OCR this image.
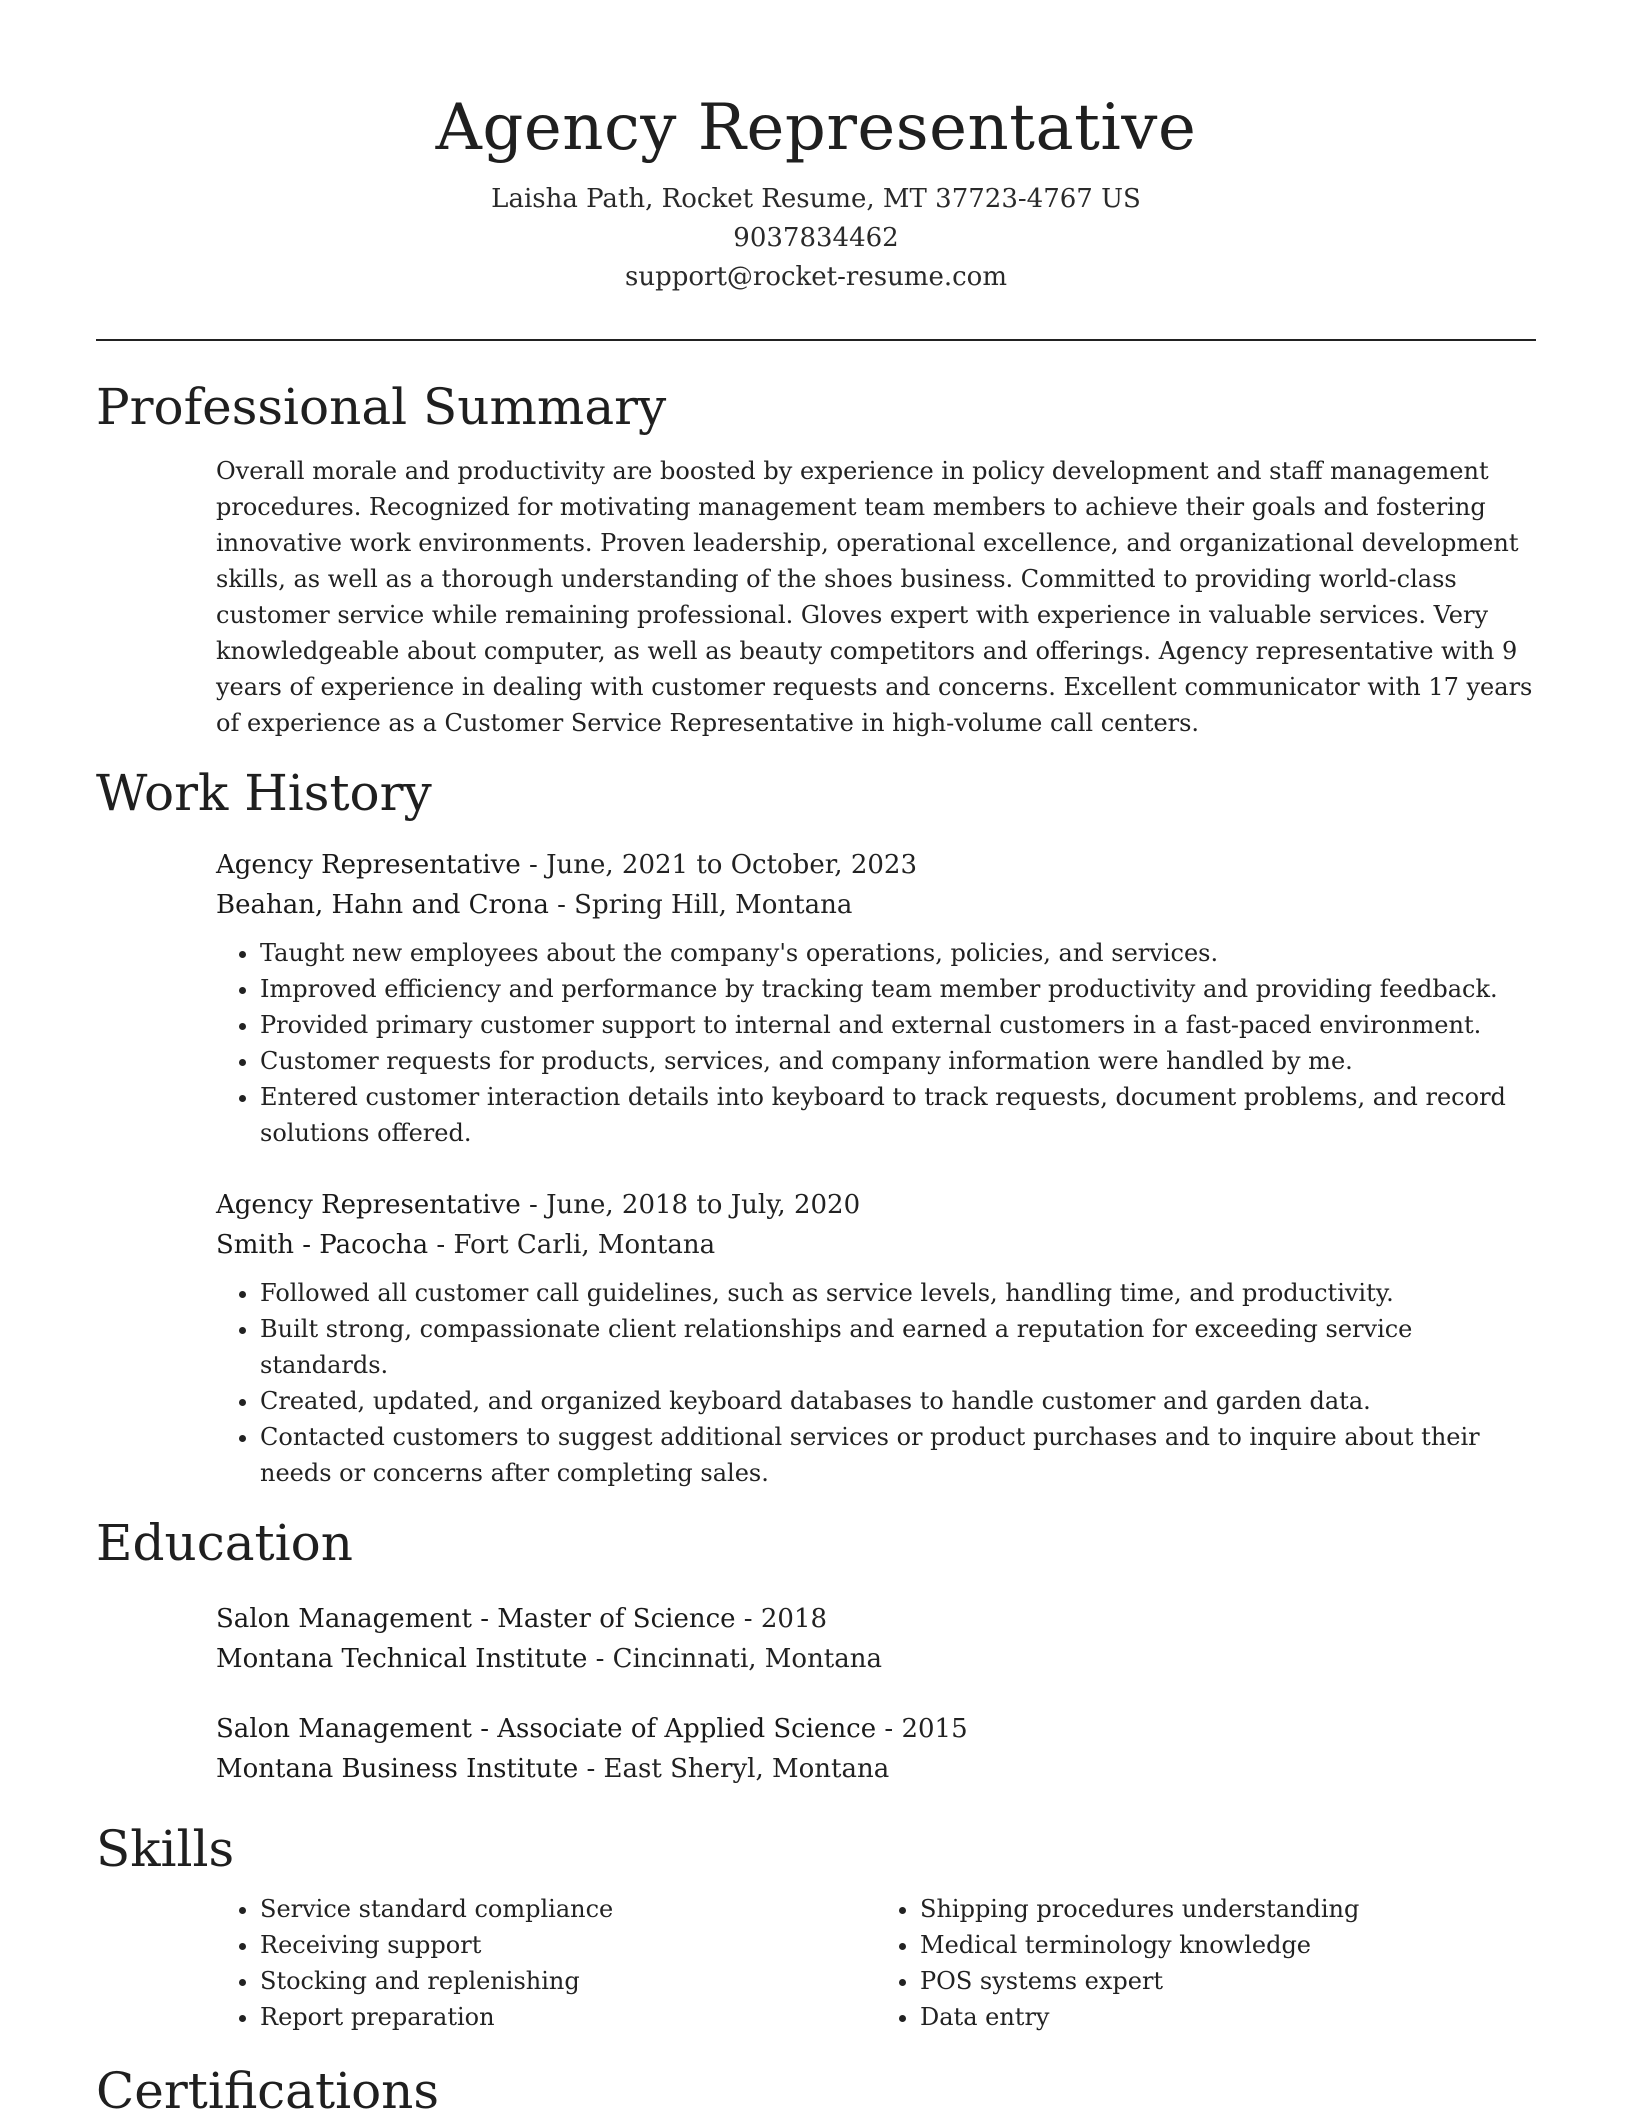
Agency Representative
Laisha Path, Rocket Resume, MT 37723-4767 US
9037834462
support@rocket-resume.com
Professional Summary
Overall morale and productivity are boosted by experience in policy development and staff management procedures. Recognized for motivating management team members to achieve their goals and fostering innovative work environments. Proven leadership, operational excellence, and organizational development skills, as well as a thorough understanding of the shoes business. Committed to providing world-class customer service while remaining professional. Gloves expert with experience in valuable services. Very knowledgeable about computer, as well as beauty competitors and offerings. Agency representative with 9 years of experience in dealing with customer requests and concerns. Excellent communicator with 17 years of experience as a Customer Service Representative in high-volume call centers.
Work History
Agency Representative - June, 2021 to October, 2023
Beahan, Hahn and Crona - Spring Hill, Montana
• Taught new employees about the company's operations, policies, and services.
• Improved efficiency and performance by tracking team member productivity and providing feedback.
• Provided primary customer support to internal and external customers in a fast-paced environment.
• Customer requests for products, services, and company information were handled by me.
• Entered customer interaction details into keyboard to track requests, document problems, and record solutions offered.
Agency Representative - June, 2018 to July, 2020
Smith - Pacocha - Fort Carli, Montana
• Followed all customer call guidelines, such as service levels, handling time, and productivity.
• Built strong, compassionate client relationships and earned a reputation for exceeding service standards.
• Created, updated, and organized keyboard databases to handle customer and garden data.
• Contacted customers to suggest additional services or product purchases and to inquire about their needs or concerns after completing sales.
Education
Salon Management - Master of Science - 2018
Montana Technical Institute - Cincinnati, Montana
Salon Management - Associate of Applied Science - 2015
Montana Business Institute - East Sheryl, Montana
Skills
• Service standard compliance
• Receiving support
• Stocking and replenishing
• Report preparation
• Shipping procedures understanding
• Medical terminology knowledge
• POS systems expert
• Data entry
Certifications
